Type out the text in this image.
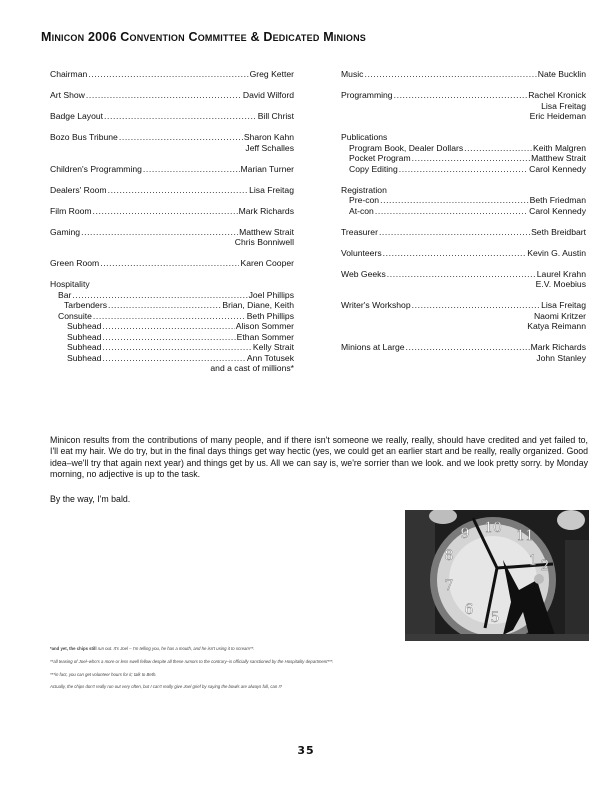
Minicon 2006 Convention Committee & Dedicated Minions
Chairman .....	Greg Ketter
Art Show .....	David Wilford
Badge Layout .....	Bill Christ
Bozo Bus Tribune .....	Sharon Kahn
Jeff Schalles
Children's Programming .....	Marian Turner
Dealers' Room .....	Lisa Freitag
Film Room .....	Mark Richards
Gaming .....	Matthew Strait
Chris Bonniwell
Green Room .....	Karen Cooper
Hospitality
Bar .....	Joel Phillips
Tarbenders .....	Brian, Diane, Keith
Consuite .....	Beth Phillips
Subhead .....	Alison Sommer
Subhead .....	Ethan Sommer
Subhead .....	Kelly Strait
Subhead .....	Ann Totusek
and a cast of millions*
Music .....	Nate Bucklin
Programming .....	Rachel Kronick
Lisa Freitag
Eric Heideman
Publications
Program Book, Dealer Dollars .....	Keith Malgren
Pocket Program .....	Matthew Strait
Copy Editing .....	Carol Kennedy
Registration
Pre-con .....	Beth Friedman
At-con .....	Carol Kennedy
Treasurer .....	Seth Breidbart
Volunteers .....	Kevin G. Austin
Web Geeks .....	Laurel Krahn
E.V. Moebius
Writer's Workshop .....	Lisa Freitag
Naomi Kritzer
Katya Reimann
Minions at Large .....	Mark Richards
John Stanley
Minicon results from the contributions of many people, and if there isn't someone we really, really, should have credited and yet failed to, I'll eat my hair. We do try, but in the final days things get way hectic (yes, we could get an earlier start and be really, really organized. Good idea–we'll try that again next year) and things get by us. All we can say is, we're sorrier than we look. and we look pretty sorry. by Monday morning, no adjective is up to the task.
By the way, I'm bald.
10 11
1
9
2
8
7
6 5
*and yet, the chips still run out. It's Joel – I'm telling you, he has a mouth, and he isn't using it to scream**.
**all teasing of Joel–who's a more or less swell fellow despite all these rumors to the contrary–is officially sanctioned by the Hospitality department***.
***in fact, you can get volunteer hours for it; talk to Beth.
Actually, the chips don't really run out very often, but I can't really give Joel grief by saying the bowls are always full, can I?
35
